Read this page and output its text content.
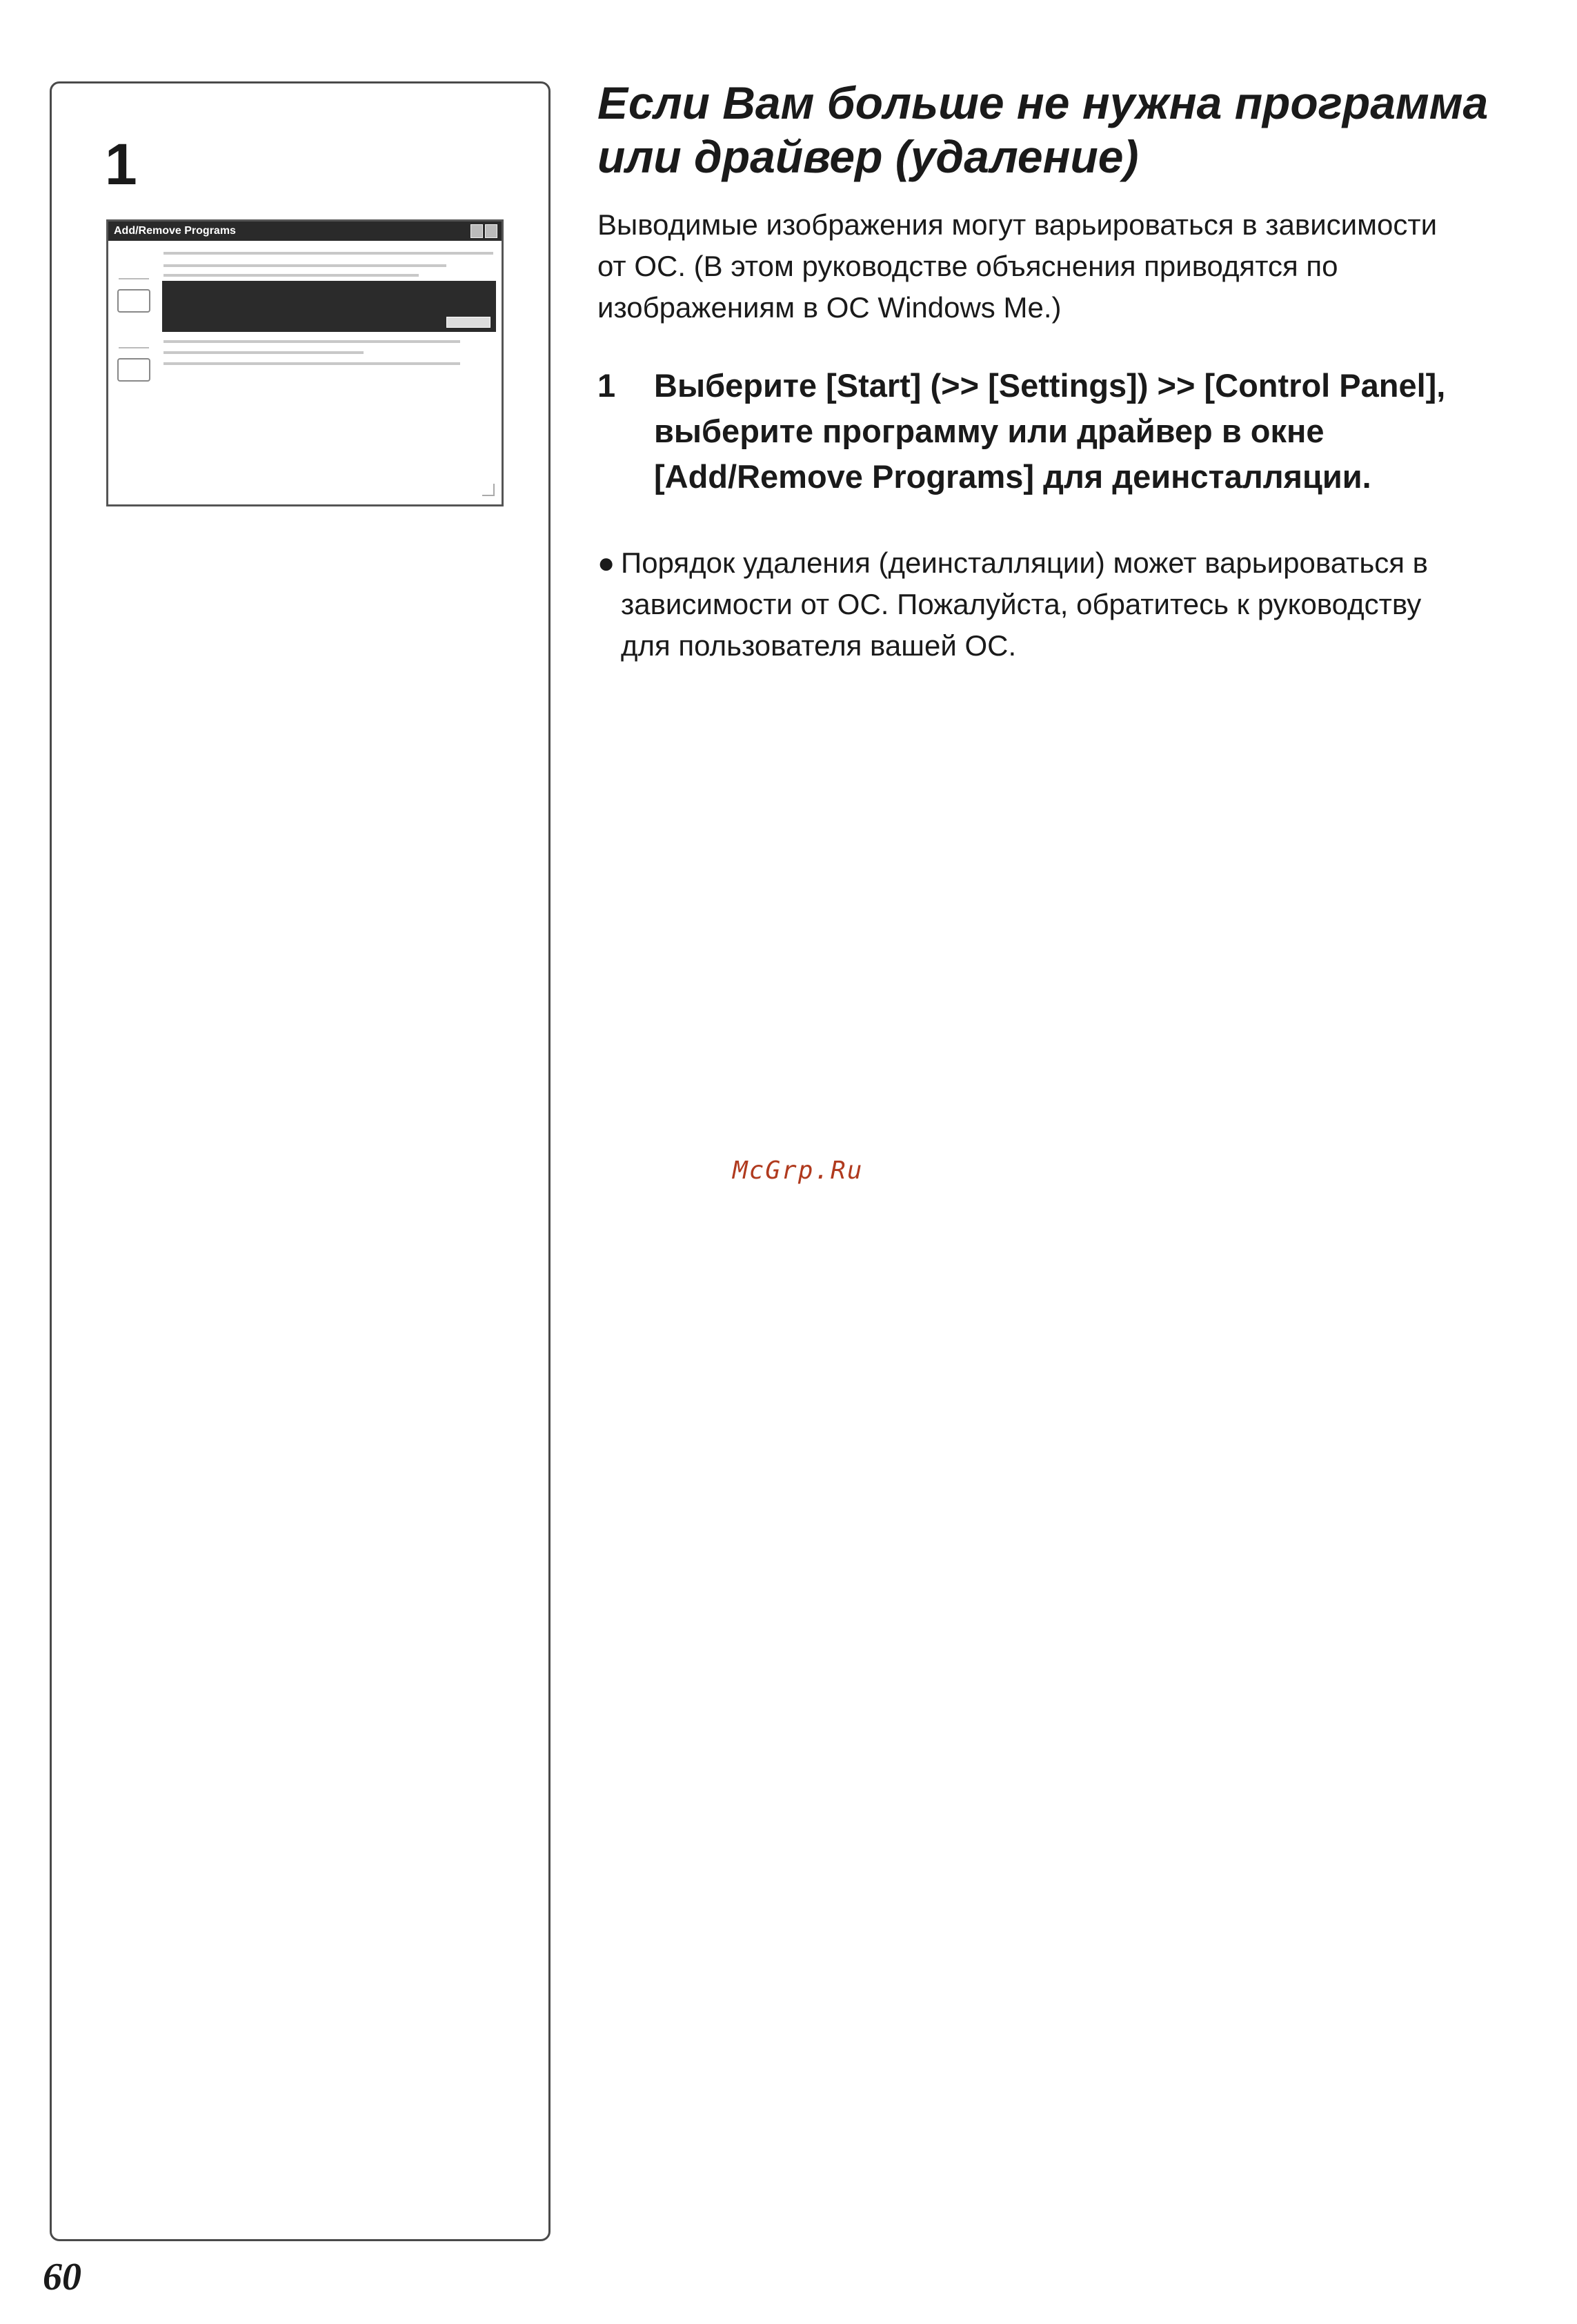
1
Add/Remove Programs
Если Вам больше не нужна программа
или драйвер (удаление)
Выводимые изображения могут варьироваться в зависимости
от ОС. (В этом руководстве объяснения приводятся по
изображениям в ОС Windows Me.)
1 Выберите [Start] (>> [Settings]) >> [Control Panel],
выберите программу или драйвер в окне
[Add/Remove Programs] для деинсталляции.
● Порядок удаления (деинсталляции) может варьироваться в
зависимости от ОС. Пожалуйста, обратитесь к руководству
для пользователя вашей ОС.
McGrp.Ru
60
